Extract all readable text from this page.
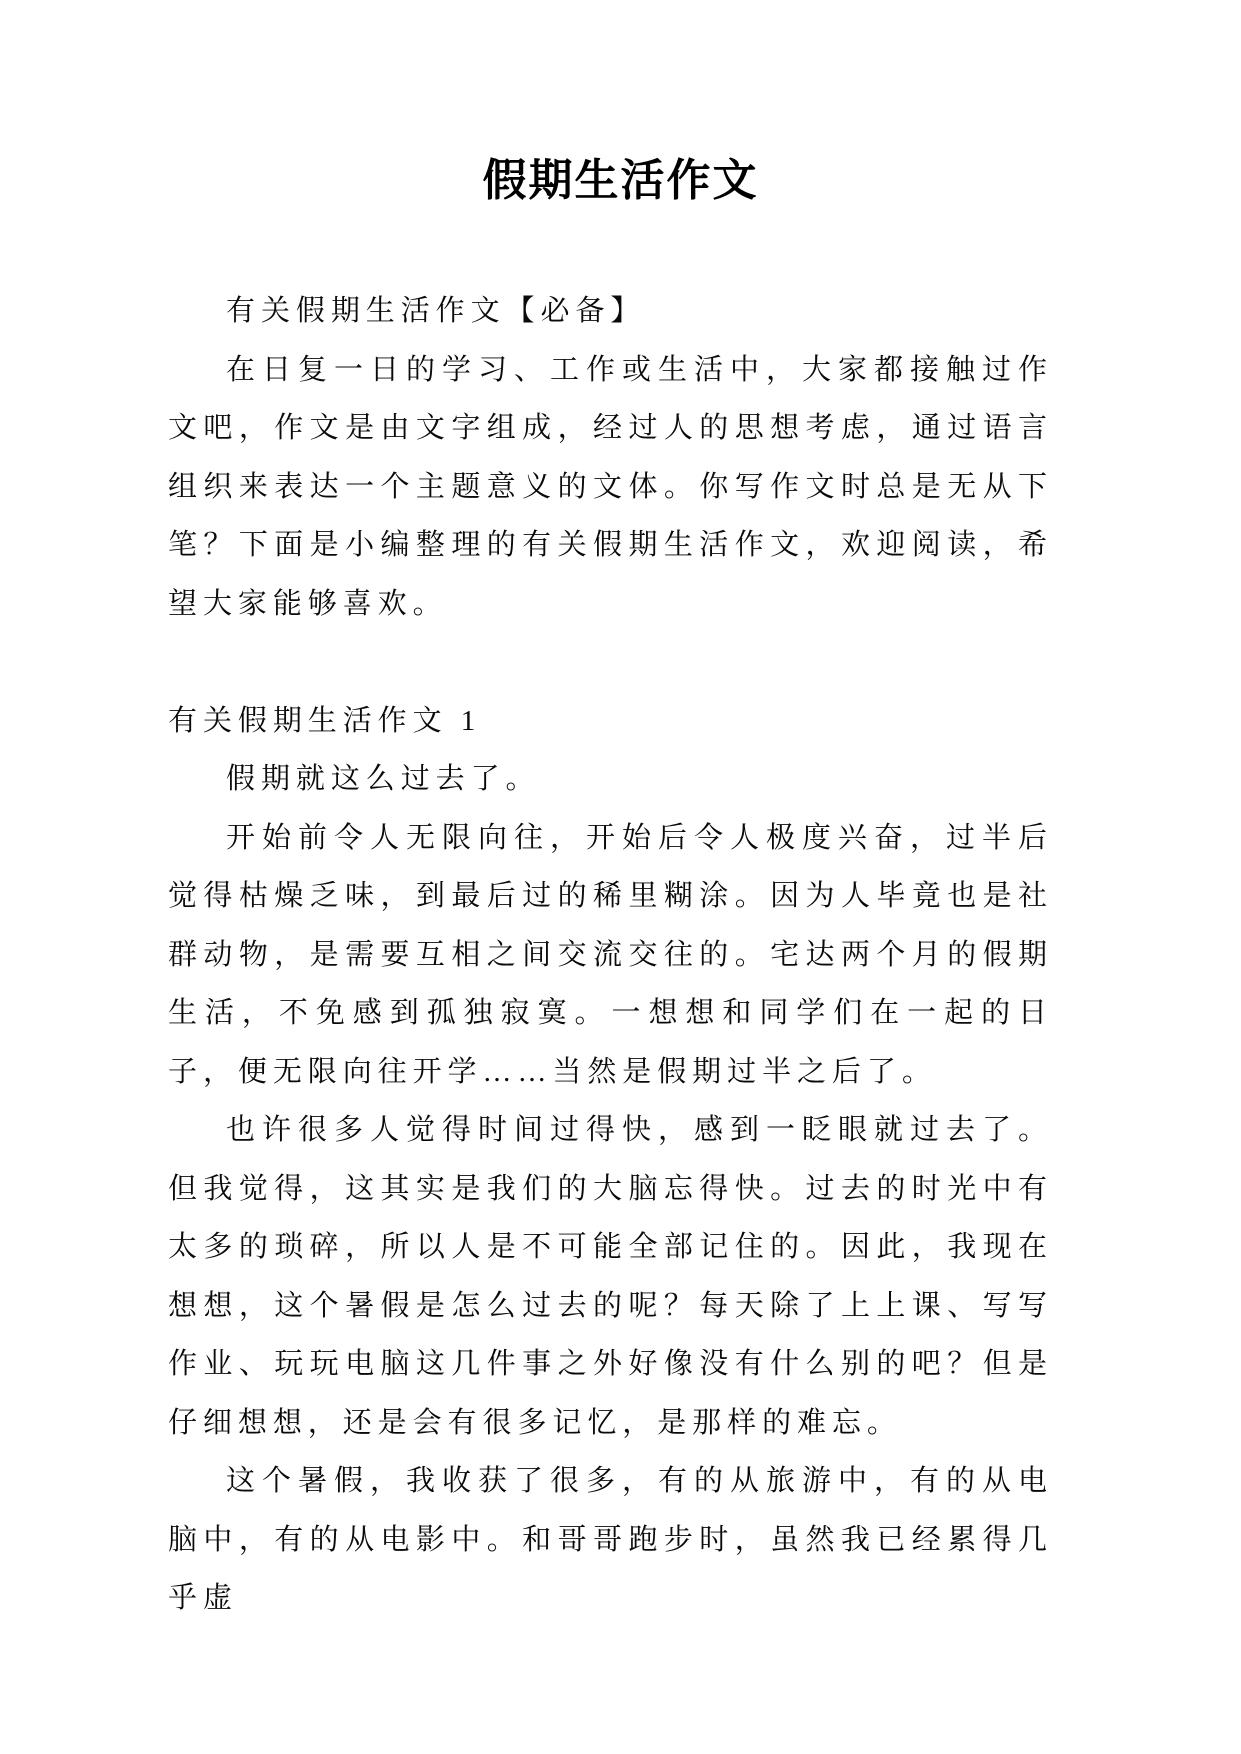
假期生活作文

有关假期生活作文【必备】

在日复一日的学习、工作或生活中，大家都接触过作文吧，作文是由文字组成，经过人的思想考虑，通过语言组织来表达一个主题意义的文体。你写作文时总是无从下笔？下面是小编整理的有关假期生活作文，欢迎阅读，希望大家能够喜欢。

有关假期生活作文 1

假期就这么过去了。

开始前令人无限向往，开始后令人极度兴奋，过半后觉得枯燥乏味，到最后过的稀里糊涂。因为人毕竟也是社群动物，是需要互相之间交流交往的。宅达两个月的假期生活，不免感到孤独寂寞。一想想和同学们在一起的日子，便无限向往开学……当然是假期过半之后了。

也许很多人觉得时间过得快，感到一眨眼就过去了。但我觉得，这其实是我们的大脑忘得快。过去的时光中有太多的琐碎，所以人是不可能全部记住的。因此，我现在想想，这个暑假是怎么过去的呢？每天除了上上课、写写作业、玩玩电脑这几件事之外好像没有什么别的吧？但是仔细想想，还是会有很多记忆，是那样的难忘。

这个暑假，我收获了很多，有的从旅游中，有的从电脑中，有的从电影中。和哥哥跑步时，虽然我已经累得几乎虚
